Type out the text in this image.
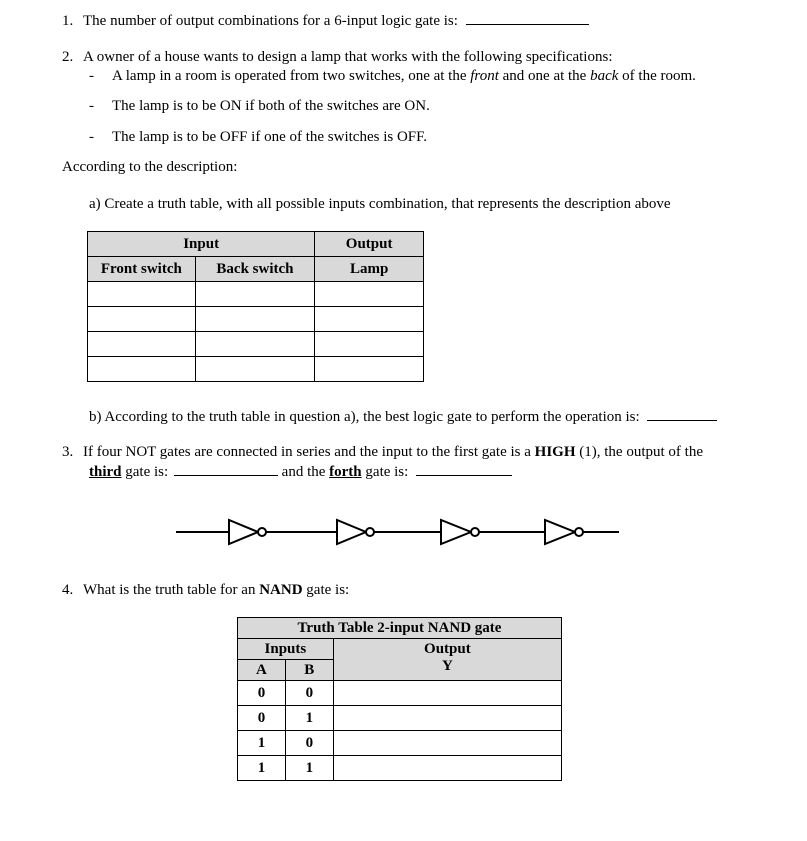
1. The number of output combinations for a 6-input logic gate is:
2. A owner of a house wants to design a lamp that works with the following specifications:
- A lamp in a room is operated from two switches, one at the front and one at the back of the room.
- The lamp is to be ON if both of the switches are ON.
- The lamp is to be OFF if one of the switches is OFF.
According to the description:
a) Create a truth table, with all possible inputs combination, that represents the description above
Input		Output
Front switch	Back switch	Lamp

b) According to the truth table in question a), the best logic gate to perform the operation is:
3. If four NOT gates are connected in series and the input to the first gate is a HIGH (1), the output of the
third gate is:	and the forth gate is:
4. What is the truth table for an NAND gate is:
Truth Table 2-input NAND gate		
Inputs		Output
Y

A	B	
0	0	
0	1	
1	0	
1	1	
